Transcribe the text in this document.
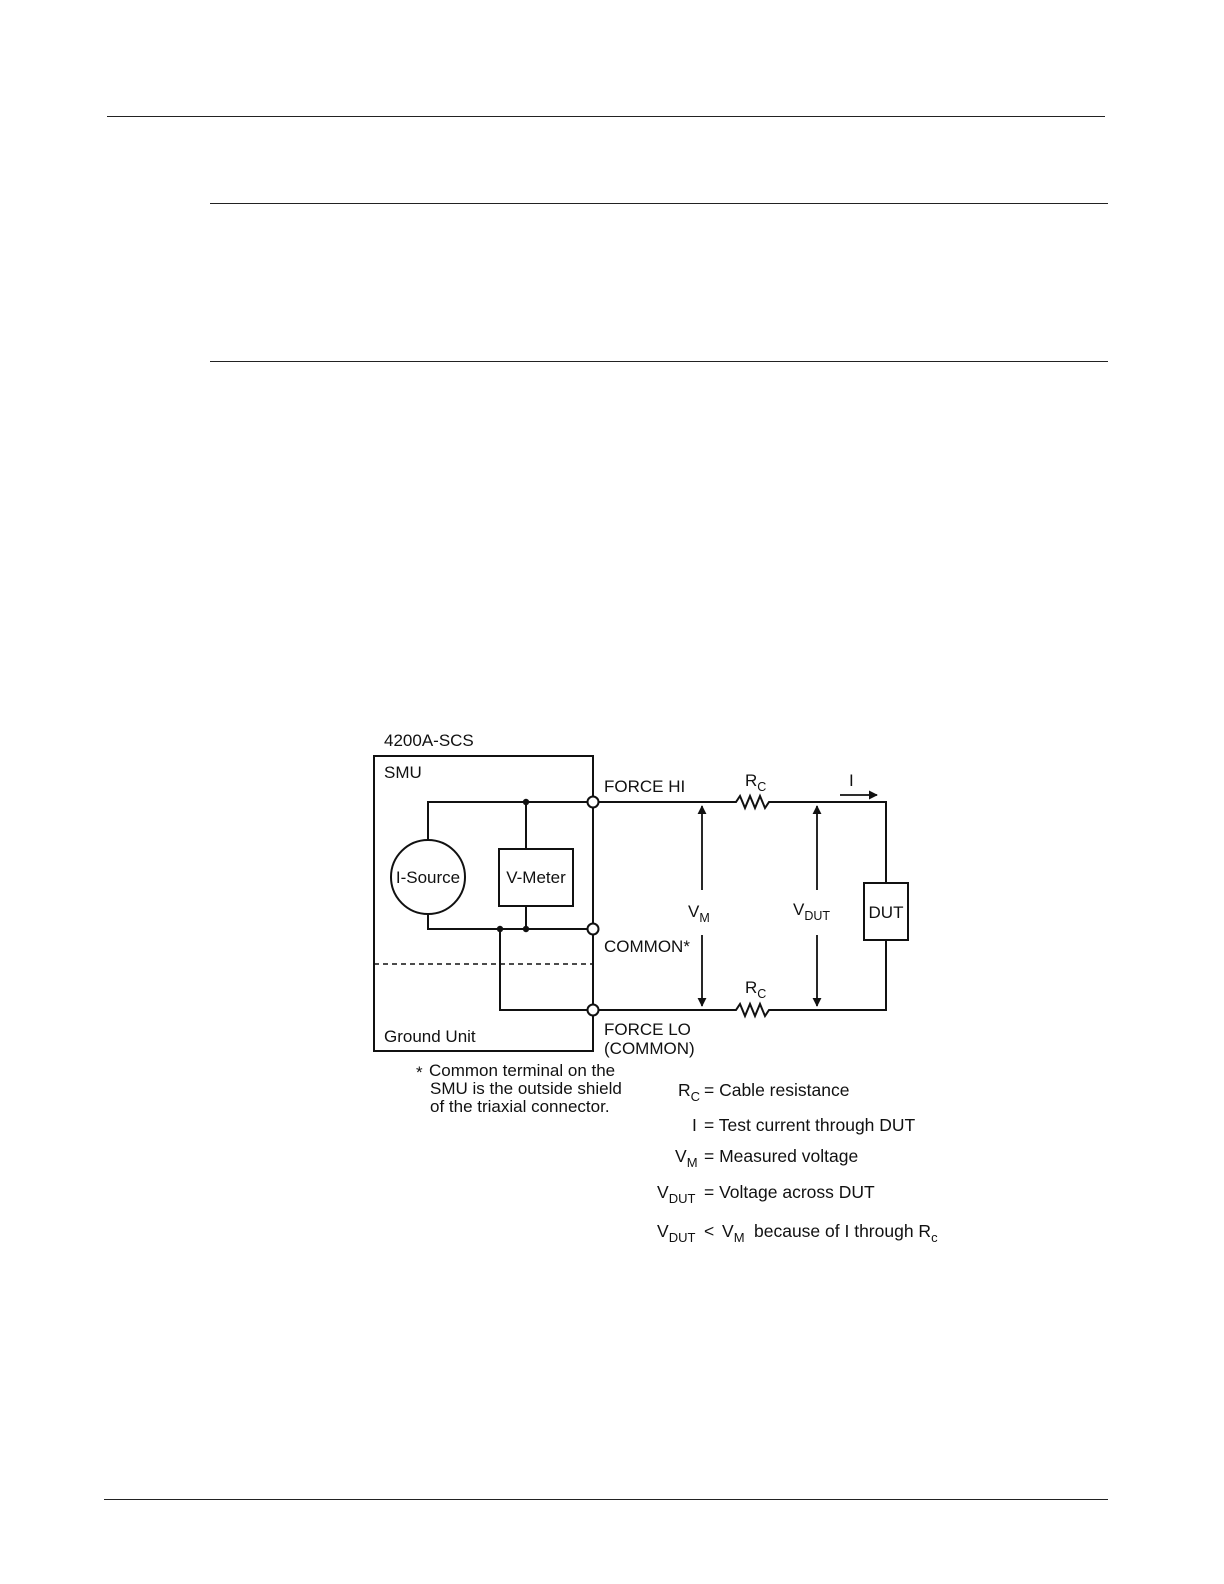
4200A-SCS
SMU
I-Source	V-Meter
FORCE HI
COMMON*
Ground Unit	FORCE LO
(COMMON)
$R_C$
$R_C$
I
$V_M$	$V_{DUT}$ DUT
* Common terminal on the
SMU is the outside shield
of the triaxial connector.
$R_C$ = Cable resistance
I = Test current through DUT
$V_M$ = Measured voltage
$V_{DUT}$ = Voltage across DUT
$V_{DUT} < V_M$ because of I through $R_c$
